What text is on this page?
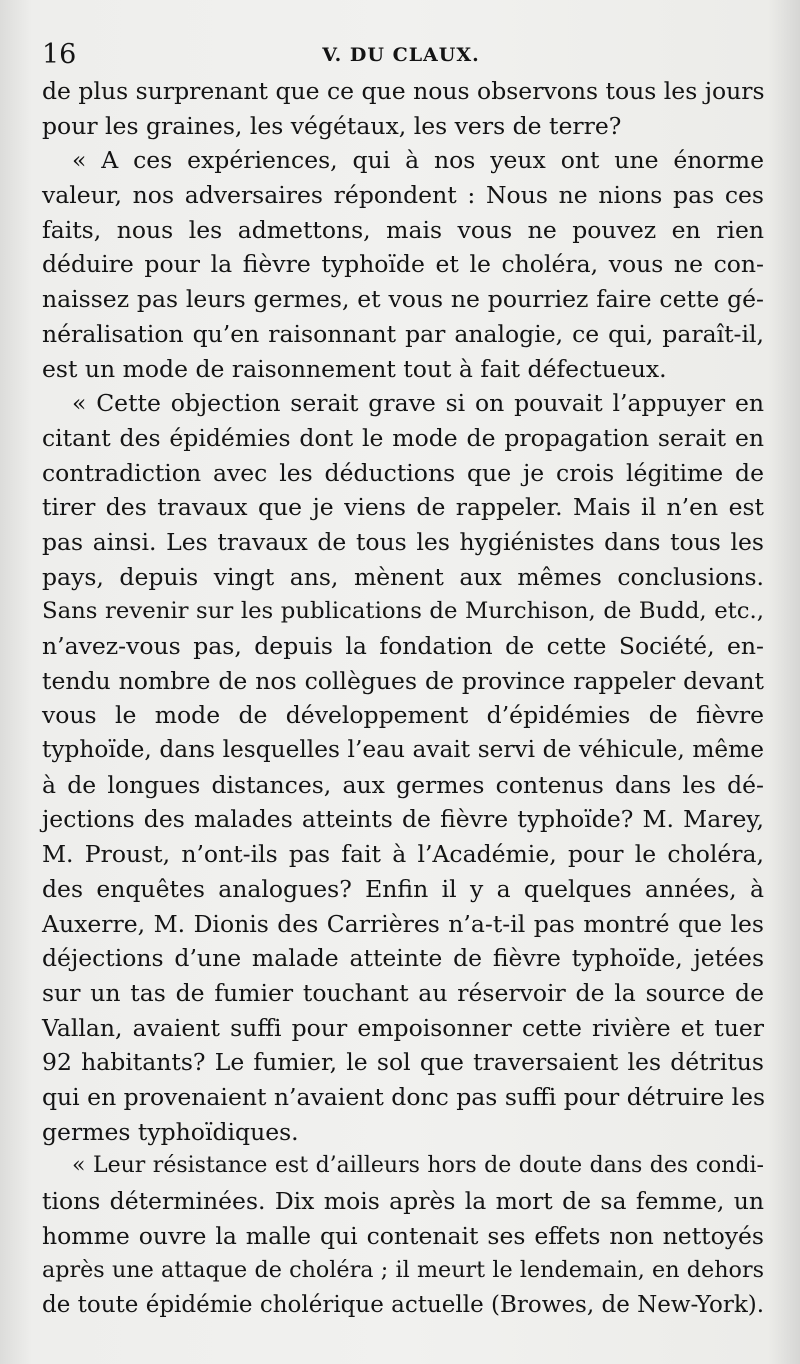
16	V. DU CLAUX.
de plus surprenant que ce que nous observons tous les jours
pour les graines, les végétaux, les vers de terre?
« A ces expériences, qui à nos yeux ont une énorme
valeur, nos adversaires répondent : Nous ne nions pas ces
faits, nous les admettons, mais vous ne pouvez en rien
déduire pour la fièvre typhoïde et le choléra, vous ne con-
naissez pas leurs germes, et vous ne pourriez faire cette gé-
néralisation qu’en raisonnant par analogie, ce qui, paraît-il,
est un mode de raisonnement tout à fait défectueux.
« Cette objection serait grave si on pouvait l’appuyer en
citant des épidémies dont le mode de propagation serait en
contradiction avec les déductions que je crois légitime de
tirer des travaux que je viens de rappeler. Mais il n’en est
pas ainsi. Les travaux de tous les hygiénistes dans tous les
pays, depuis vingt ans, mènent aux mêmes conclusions.
Sans revenir sur les publications de Murchison, de Budd, etc.,
n’avez-vous pas, depuis la fondation de cette Société, en-
tendu nombre de nos collègues de province rappeler devant
vous le mode de développement d’épidémies de fièvre
typhoïde, dans lesquelles l’eau avait servi de véhicule, même
à de longues distances, aux germes contenus dans les dé-
jections des malades atteints de fièvre typhoïde? M. Marey,
M. Proust, n’ont-ils pas fait à l’Académie, pour le choléra,
des enquêtes analogues? Enfin il y a quelques années, à
Auxerre, M. Dionis des Carrières n’a-t-il pas montré que les
déjections d’une malade atteinte de fièvre typhoïde, jetées
sur un tas de fumier touchant au réservoir de la source de
Vallan, avaient suffi pour empoisonner cette rivière et tuer
92 habitants? Le fumier, le sol que traversaient les détritus
qui en provenaient n’avaient donc pas suffi pour détruire les
germes typhoïdiques.
« Leur résistance est d’ailleurs hors de doute dans des condi-
tions déterminées. Dix mois après la mort de sa femme, un
homme ouvre la malle qui contenait ses effets non nettoyés
après une attaque de choléra ; il meurt le lendemain, en dehors
de toute épidémie cholérique actuelle (Browes, de New-York).
